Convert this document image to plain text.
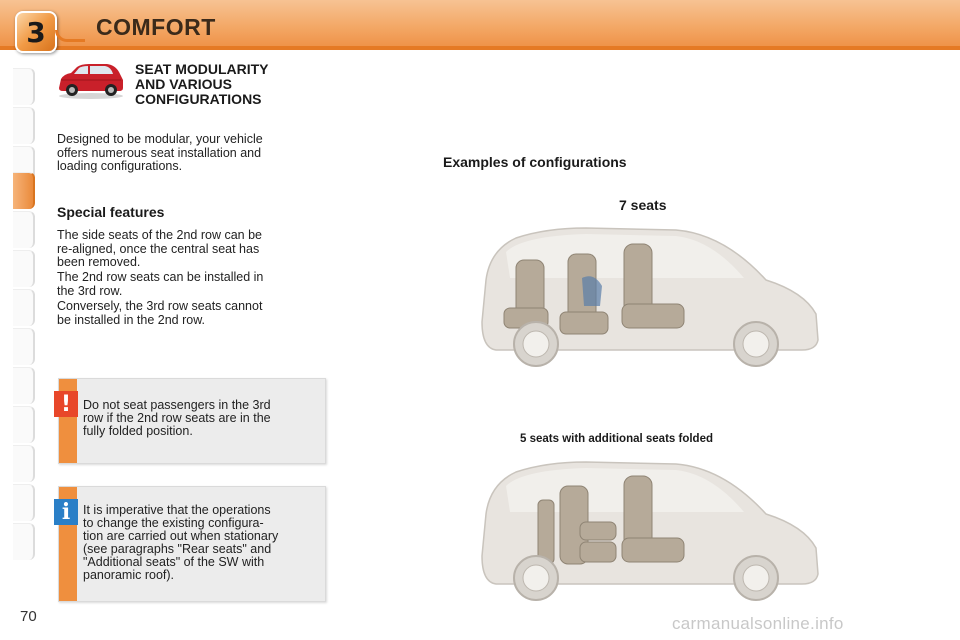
3	COMFORT
SEAT MODULARITY
AND VARIOUS
CONFIGURATIONS
Designed to be modular, your vehicle
offers numerous seat installation and
loading configurations.
Special features
The side seats of the 2nd row can be
re-aligned, once the central seat has
been removed.
The 2nd row seats can be installed in
the 3rd row.
Conversely, the 3rd row seats cannot
be installed in the 2nd row.
! Do not seat passengers in the 3rd
row if the 2nd row seats are in the
fully folded position.
i	It is imperative that the operations
to change the existing configura-
tion are carried out when stationary
(see paragraphs "Rear seats" and
"Additional seats" of the SW with
panoramic roof).
Examples of configurations
7 seats
5 seats with additional seats folded
70	carmanualsonline.info
